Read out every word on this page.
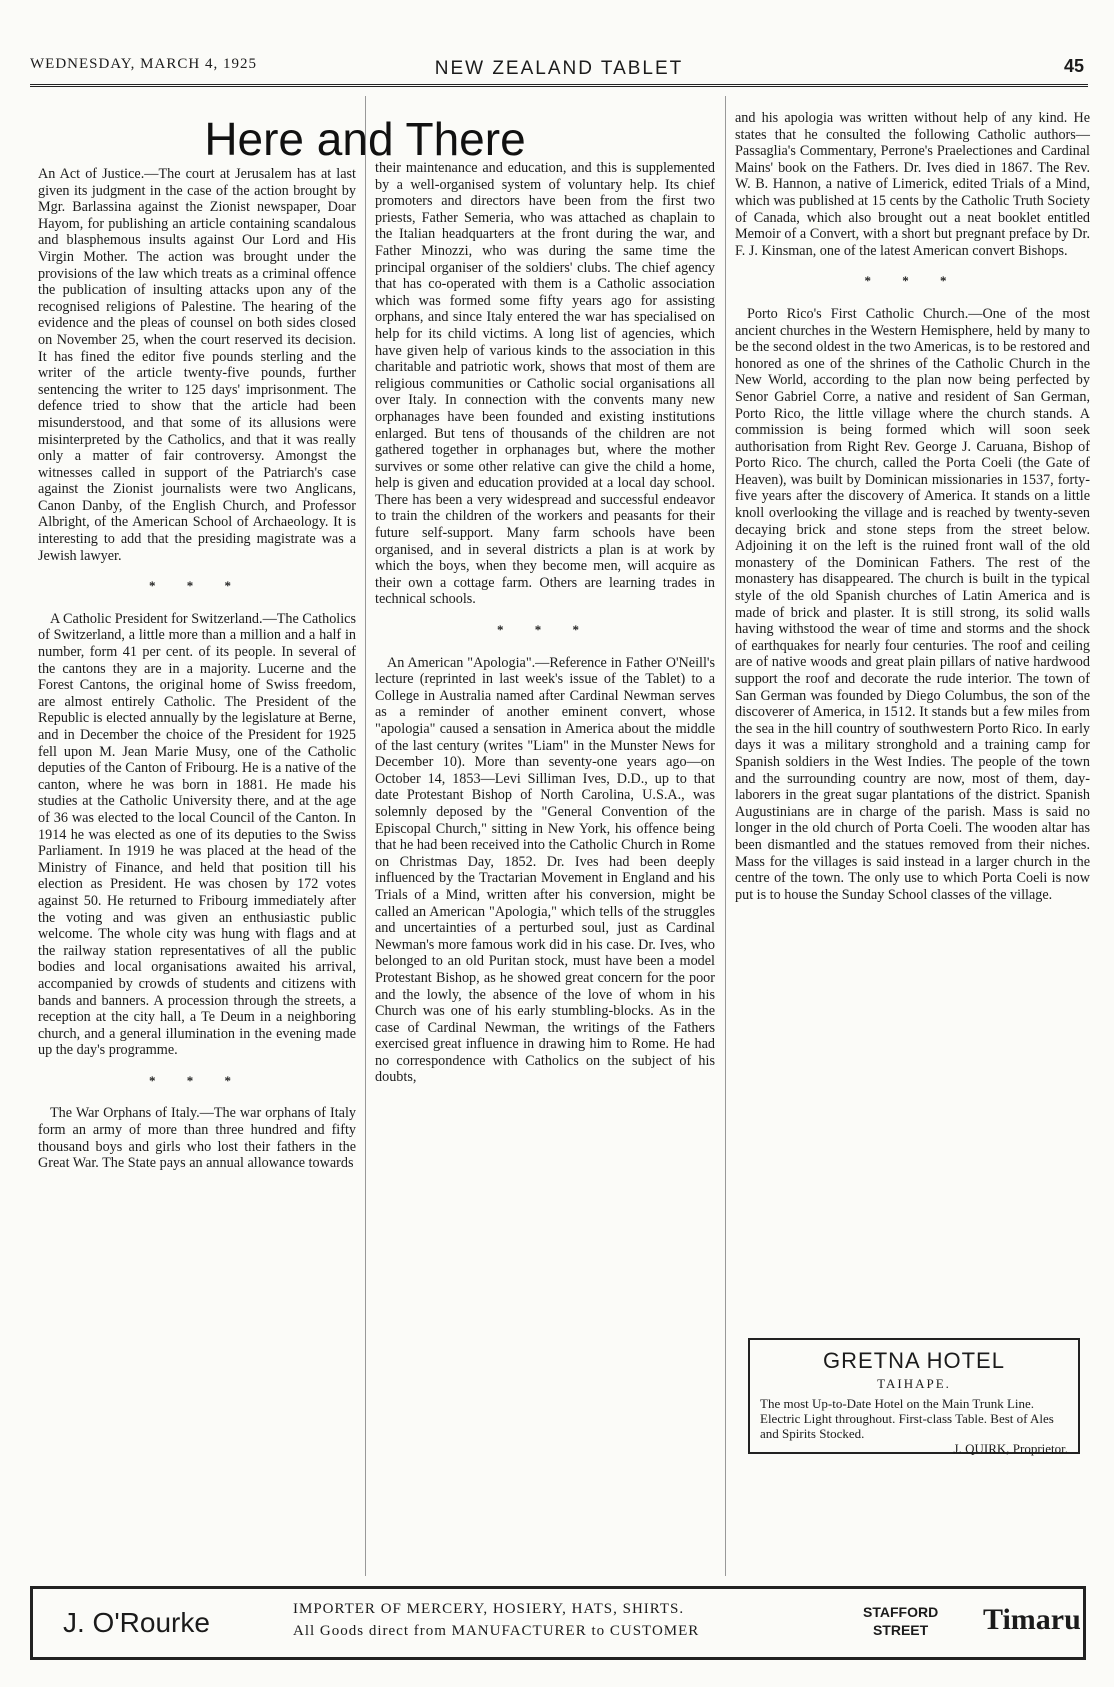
WEDNESDAY, MARCH 4, 1925	NEW ZEALAND TABLET	45
Here and There

An Act of Justice.—The court at Jerusalem has at last given its judgment in the case of the action brought by Mgr. Barlassina against the Zionist newspaper, Doar Hayom, for publishing an article containing scandalous and blasphemous insults against Our Lord and His Virgin Mother. The action was brought under the provisions of the law which treats as a criminal offence the publication of insulting attacks upon any of the recognised religions of Palestine. The hearing of the evidence and the pleas of counsel on both sides closed on November 25, when the court reserved its decision. It has fined the editor five pounds sterling and the writer of the article twenty-five pounds, further sentencing the writer to 125 days' imprisonment. The defence tried to show that the article had been misunderstood, and that some of its allusions were misinterpreted by the Catholics, and that it was really only a matter of fair controversy. Amongst the witnesses called in support of the Patriarch's case against the Zionist journalists were two Anglicans, Canon Danby, of the English Church, and Professor Albright, of the American School of Archaeology. It is interesting to add that the presiding magistrate was a Jewish lawyer.

* * *

A Catholic President for Switzerland.—The Catholics of Switzerland, a little more than a million and a half in number, form 41 per cent. of its people. In several of the cantons they are in a majority. Lucerne and the Forest Cantons, the original home of Swiss freedom, are almost entirely Catholic. The President of the Republic is elected annually by the legislature at Berne, and in December the choice of the President for 1925 fell upon M. Jean Marie Musy, one of the Catholic deputies of the Canton of Fribourg. He is a native of the canton, where he was born in 1881. He made his studies at the Catholic University there, and at the age of 36 was elected to the local Council of the Canton. In 1914 he was elected as one of its deputies to the Swiss Parliament. In 1919 he was placed at the head of the Ministry of Finance, and held that position till his election as President. He was chosen by 172 votes against 50. He returned to Fribourg immediately after the voting and was given an enthusiastic public welcome. The whole city was hung with flags and at the railway station representatives of all the public bodies and local organisations awaited his arrival, accompanied by crowds of students and citizens with bands and banners. A procession through the streets, a reception at the city hall, a Te Deum in a neighboring church, and a general illumination in the evening made up the day's programme.

* * *

The War Orphans of Italy.—The war orphans of Italy form an army of more than three hundred and fifty thousand boys and girls who lost their fathers in the Great War. The State pays an annual allowance towards

their maintenance and education, and this is supplemented by a well-organised system of voluntary help. Its chief promoters and directors have been from the first two priests, Father Semeria, who was attached as chaplain to the Italian headquarters at the front during the war, and Father Minozzi, who was during the same time the principal organiser of the soldiers' clubs. The chief agency that has co-operated with them is a Catholic association which was formed some fifty years ago for assisting orphans, and since Italy entered the war has specialised on help for its child victims. A long list of agencies, which have given help of various kinds to the association in this charitable and patriotic work, shows that most of them are religious communities or Catholic social organisations all over Italy. In connection with the convents many new orphanages have been founded and existing institutions enlarged. But tens of thousands of the children are not gathered together in orphanages but, where the mother survives or some other relative can give the child a home, help is given and education provided at a local day school. There has been a very widespread and successful endeavor to train the children of the workers and peasants for their future self-support. Many farm schools have been organised, and in several districts a plan is at work by which the boys, when they become men, will acquire as their own a cottage farm. Others are learning trades in technical schools.

* * *

An American "Apologia".—Reference in Father O'Neill's lecture (reprinted in last week's issue of the Tablet) to a College in Australia named after Cardinal Newman serves as a reminder of another eminent convert, whose "apologia" caused a sensation in America about the middle of the last century (writes "Liam" in the Munster News for December 10). More than seventy-one years ago—on October 14, 1853—Levi Silliman Ives, D.D., up to that date Protestant Bishop of North Carolina, U.S.A., was solemnly deposed by the "General Convention of the Episcopal Church," sitting in New York, his offence being that he had been received into the Catholic Church in Rome on Christmas Day, 1852. Dr. Ives had been deeply influenced by the Tractarian Movement in England and his Trials of a Mind, written after his conversion, might be called an American "Apologia," which tells of the struggles and uncertainties of a perturbed soul, just as Cardinal Newman's more famous work did in his case. Dr. Ives, who belonged to an old Puritan stock, must have been a model Protestant Bishop, as he showed great concern for the poor and the lowly, the absence of the love of whom in his Church was one of his early stumbling-blocks. As in the case of Cardinal Newman, the writings of the Fathers exercised great influence in drawing him to Rome. He had no correspondence with Catholics on the subject of his doubts,

and his apologia was written without help of any kind. He states that he consulted the following Catholic authors—Passaglia's Commentary, Perrone's Praelectiones and Cardinal Mains' book on the Fathers. Dr. Ives died in 1867. The Rev. W. B. Hannon, a native of Limerick, edited Trials of a Mind, which was published at 15 cents by the Catholic Truth Society of Canada, which also brought out a neat booklet entitled Memoir of a Convert, with a short but pregnant preface by Dr. F. J. Kinsman, one of the latest American convert Bishops.

* * *

Porto Rico's First Catholic Church.—One of the most ancient churches in the Western Hemisphere, held by many to be the second oldest in the two Americas, is to be restored and honored as one of the shrines of the Catholic Church in the New World, according to the plan now being perfected by Senor Gabriel Corre, a native and resident of San German, Porto Rico, the little village where the church stands. A commission is being formed which will soon seek authorisation from Right Rev. George J. Caruana, Bishop of Porto Rico. The church, called the Porta Coeli (the Gate of Heaven), was built by Dominican missionaries in 1537, forty-five years after the discovery of America. It stands on a little knoll overlooking the village and is reached by twenty-seven decaying brick and stone steps from the street below. Adjoining it on the left is the ruined front wall of the old monastery of the Dominican Fathers. The rest of the monastery has disappeared. The church is built in the typical style of the old Spanish churches of Latin America and is made of brick and plaster. It is still strong, its solid walls having withstood the wear of time and storms and the shock of earthquakes for nearly four centuries. The roof and ceiling are of native woods and great plain pillars of native hardwood support the roof and decorate the rude interior. The town of San German was founded by Diego Columbus, the son of the discoverer of America, in 1512. It stands but a few miles from the sea in the hill country of southwestern Porto Rico. In early days it was a military stronghold and a training camp for Spanish soldiers in the West Indies. The people of the town and the surrounding country are now, most of them, day-laborers in the great sugar plantations of the district. Spanish Augustinians are in charge of the parish. Mass is said no longer in the old church of Porta Coeli. The wooden altar has been dismantled and the statues removed from their niches. Mass for the villages is said instead in a larger church in the centre of the town. The only use to which Porta Coeli is now put is to house the Sunday School classes of the village.

GRETNA HOTEL
TAIHAPE.
The most Up-to-Date Hotel on the Main Trunk Line. Electric Light throughout. First-class Table. Best of Ales and Spirits Stocked.
J. QUIRK, Proprietor.
J. O'Rourke	IMPORTER OF MERCERY, HOSIERY, HATS, SHIRTS.
All Goods direct from MANUFACTURER to CUSTOMER
STAFFORD
STREET	Timaru
